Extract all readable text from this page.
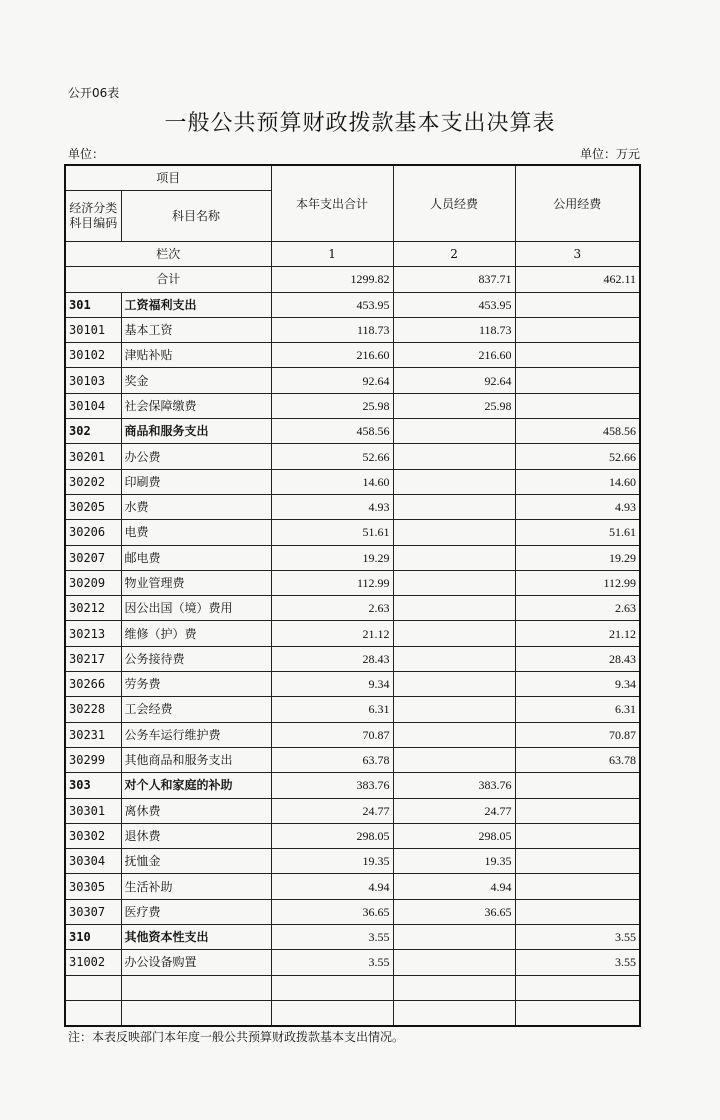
公开06表
一般公共预算财政拨款基本支出决算表
单位：	单位：万元
项目		本年支出合计	人员经费	公用经费
经济分类科目编码	科目名称			
栏次		1	2	3
合计		1299.82	837.71	462.11
301	工资福利支出	453.95	453.95	
30101	基本工资	118.73	118.73	
30102	津贴补贴	216.60	216.60	
30103	奖金	92.64	92.64	
30104	社会保障缴费	25.98	25.98	
302	商品和服务支出	458.56		458.56
30201	办公费	52.66		52.66
30202	印刷费	14.60		14.60
30205	水费	4.93		4.93
30206	电费	51.61		51.61
30207	邮电费	19.29		19.29
30209	物业管理费	112.99		112.99
30212	因公出国（境）费用	2.63		2.63
30213	维修（护）费	21.12		21.12
30217	公务接待费	28.43		28.43
30266	劳务费	9.34		9.34
30228	工会经费	6.31		6.31
30231	公务车运行维护费	70.87		70.87
30299	其他商品和服务支出	63.78		63.78
303	对个人和家庭的补助	383.76	383.76	
30301	离休费	24.77	24.77	
30302	退休费	298.05	298.05	
30304	抚恤金	19.35	19.35	
30305	生活补助	4.94	4.94	
30307	医疗费	36.65	36.65	
310	其他资本性支出	3.55		3.55
31002	办公设备购置	3.55		3.55

注：本表反映部门本年度一般公共预算财政拨款基本支出情况。
